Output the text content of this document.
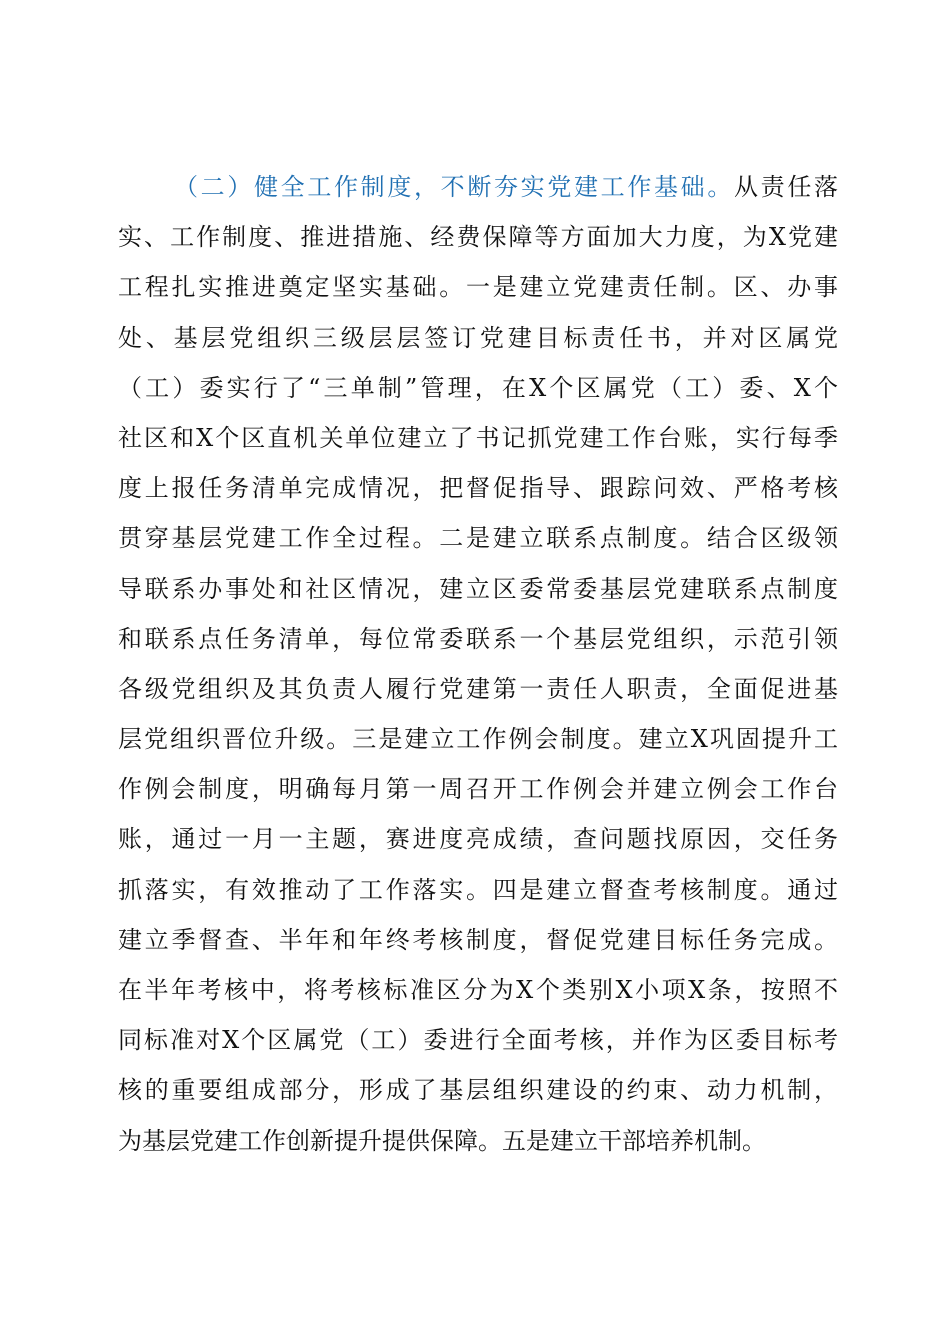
（二）健全工作制度，不断夯实党建工作基础。从责任落
实、工作制度、推进措施、经费保障等方面加大力度，为X党建
工程扎实推进奠定坚实基础。一是建立党建责任制。区、办事
处、基层党组织三级层层签订党建目标责任书，并对区属党
（工）委实行了“三单制”管理，在X个区属党（工）委、X个
社区和X个区直机关单位建立了书记抓党建工作台账，实行每季
度上报任务清单完成情况，把督促指导、跟踪问效、严格考核
贯穿基层党建工作全过程。二是建立联系点制度。结合区级领
导联系办事处和社区情况，建立区委常委基层党建联系点制度
和联系点任务清单，每位常委联系一个基层党组织，示范引领
各级党组织及其负责人履行党建第一责任人职责，全面促进基
层党组织晋位升级。三是建立工作例会制度。建立X巩固提升工
作例会制度，明确每月第一周召开工作例会并建立例会工作台
账，通过一月一主题，赛进度亮成绩，查问题找原因，交任务
抓落实，有效推动了工作落实。四是建立督查考核制度。通过
建立季督查、半年和年终考核制度，督促党建目标任务完成。
在半年考核中，将考核标准区分为X个类别X小项X条，按照不
同标准对X个区属党（工）委进行全面考核，并作为区委目标考
核的重要组成部分，形成了基层组织建设的约束、动力机制，
为基层党建工作创新提升提供保障。五是建立干部培养机制。
